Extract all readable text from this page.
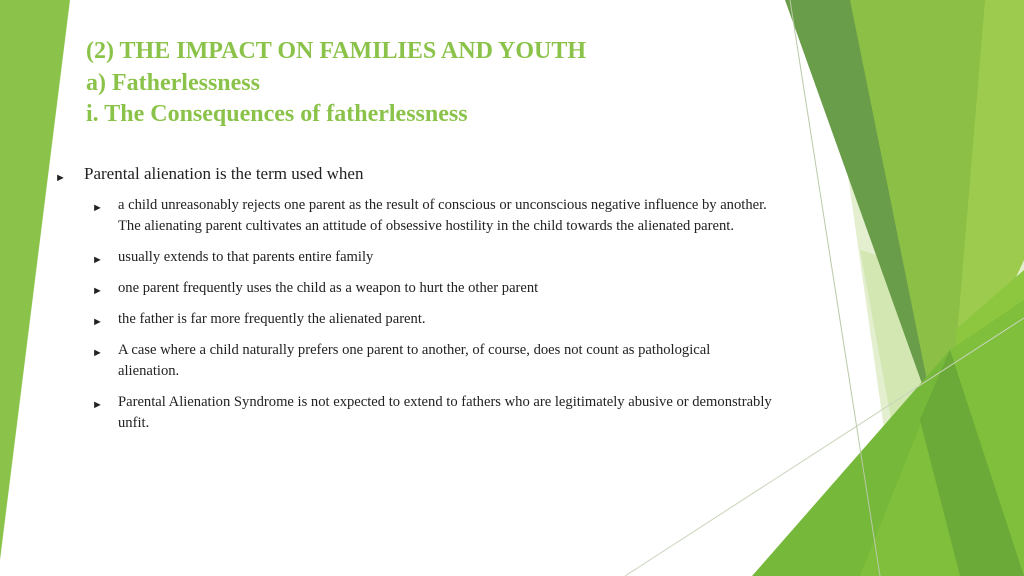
(2) THE IMPACT ON FAMILIES AND YOUTH
a) Fatherlessness
i. The Consequences of fatherlessness
► Parental alienation is the term used when
► a child unreasonably rejects one parent as the result of conscious or unconscious negative influence by another. The alienating parent cultivates an attitude of obsessive hostility in the child towards the alienated parent.
► usually extends to that parents entire family
► one parent frequently uses the child as a weapon to hurt the other parent
► the father is far more frequently the alienated parent.
► A case where a child naturally prefers one parent to another, of course, does not count as pathological alienation.
► Parental Alienation Syndrome is not expected to extend to fathers who are legitimately abusive or demonstrably unfit.
